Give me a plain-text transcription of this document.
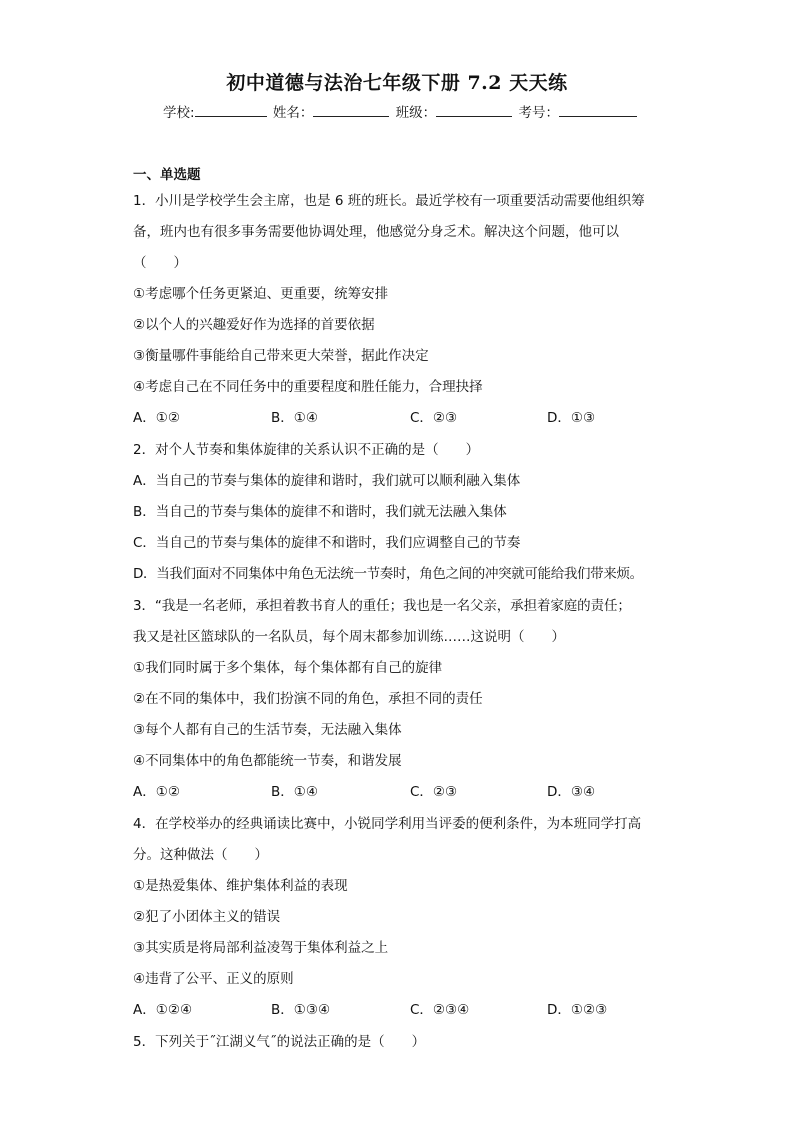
初中道德与法治七年级下册 7.2 天天练
学校:	姓名：	班级：	考号：
一、单选题
1．小川是学校学生会主席，也是 6 班的班长。最近学校有一项重要活动需要他组织筹
备，班内也有很多事务需要他协调处理，他感觉分身乏术。解决这个问题，他可以
（　　）
①考虑哪个任务更紧迫、更重要，统筹安排
②以个人的兴趣爱好作为选择的首要依据
③衡量哪件事能给自己带来更大荣誉，据此作决定
④考虑自己在不同任务中的重要程度和胜任能力，合理抉择
A．①②	B．①④	C．②③	D．①③
2．对个人节奏和集体旋律的关系认识不正确的是（　　）
A．当自己的节奏与集体的旋律和谐时，我们就可以顺利融入集体
B．当自己的节奏与集体的旋律不和谐时，我们就无法融入集体
C．当自己的节奏与集体的旋律不和谐时，我们应调整自己的节奏
D．当我们面对不同集体中角色无法统一节奏时，角色之间的冲突就可能给我们带来烦。
3．“我是一名老师，承担着教书育人的重任；我也是一名父亲，承担着家庭的责任；
我又是社区篮球队的一名队员，每个周末都参加训练……这说明（　　）
①我们同时属于多个集体，每个集体都有自己的旋律
②在不同的集体中，我们扮演不同的角色，承担不同的责任
③每个人都有自己的生活节奏，无法融入集体
④不同集体中的角色都能统一节奏，和谐发展
A．①②	B．①④	C．②③	D．③④
4．在学校举办的经典诵读比赛中，小锐同学利用当评委的便利条件，为本班同学打高
分。这种做法（　　）
①是热爱集体、维护集体利益的表现
②犯了小团体主义的错误
③其实质是将局部利益凌驾于集体利益之上
④违背了公平、正义的原则
A．①②④	B．①③④	C．②③④	D．①②③
5．下列关于˝江湖义气˝的说法正确的是（　　）
